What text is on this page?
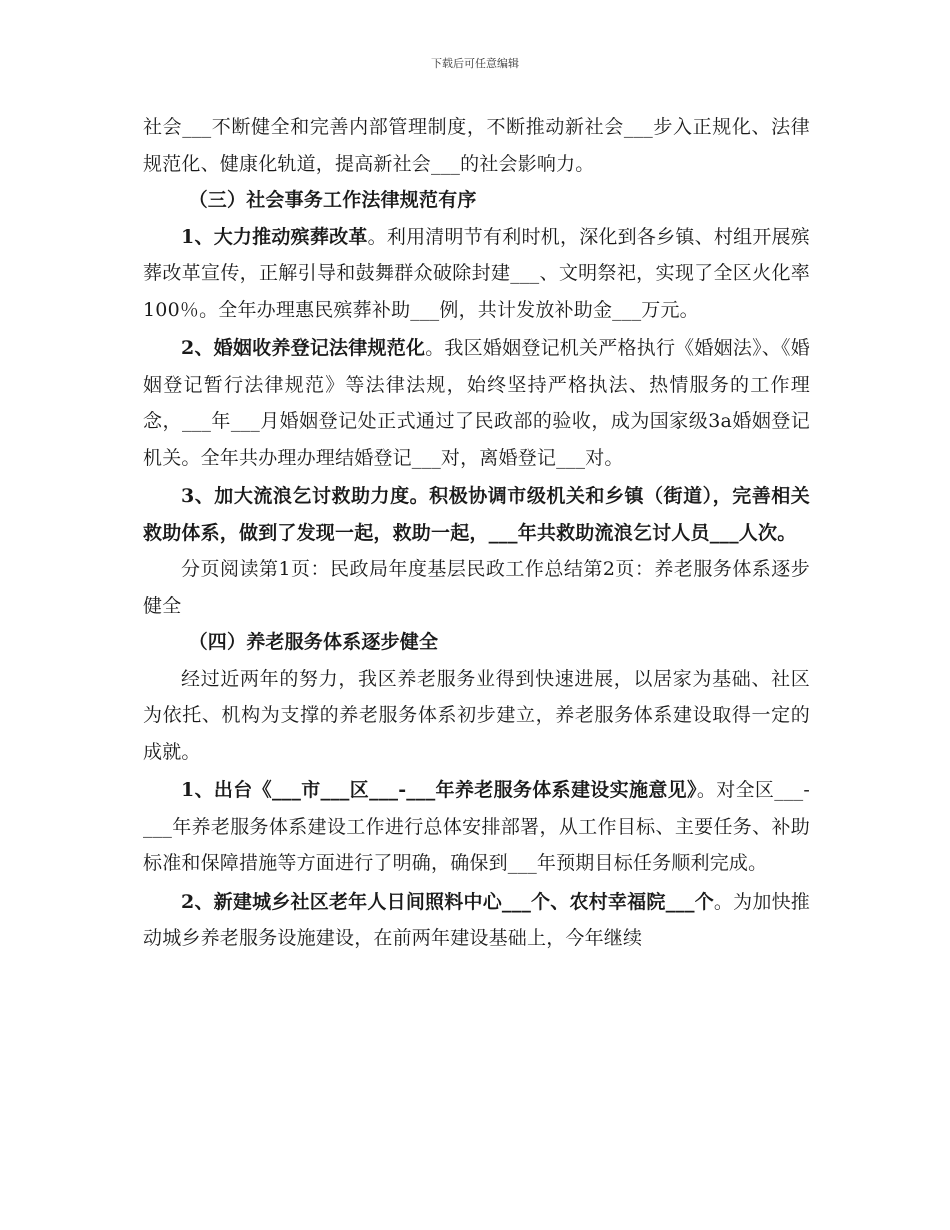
下载后可任意编辑

社会___不断健全和完善内部管理制度，不断推动新社会___步入正规化、法律规范化、健康化轨道，提高新社会___的社会影响力。

（三）社会事务工作法律规范有序

1、大力推动殡葬改革。利用清明节有利时机，深化到各乡镇、村组开展殡葬改革宣传，正解引导和鼓舞群众破除封建___、文明祭祀，实现了全区火化率100％。全年办理惠民殡葬补助___例，共计发放补助金___万元。

2、婚姻收养登记法律规范化。我区婚姻登记机关严格执行《婚姻法》、《婚姻登记暂行法律规范》等法律法规，始终坚持严格执法、热情服务的工作理念，___年___月婚姻登记处正式通过了民政部的验收，成为国家级3a婚姻登记机关。全年共办理办理结婚登记___对，离婚登记___对。

3、加大流浪乞讨救助力度。积极协调市级机关和乡镇（街道），完善相关救助体系，做到了发现一起，救助一起，___年共救助流浪乞讨人员___人次。

分页阅读第1页：民政局年度基层民政工作总结第2页：养老服务体系逐步健全

（四）养老服务体系逐步健全

经过近两年的努力，我区养老服务业得到快速进展，以居家为基础、社区为依托、机构为支撑的养老服务体系初步建立，养老服务体系建设取得一定的成就。

1、出台《___市___区___-___年养老服务体系建设实施意见》。对全区___-___年养老服务体系建设工作进行总体安排部署，从工作目标、主要任务、补助标准和保障措施等方面进行了明确，确保到___年预期目标任务顺利完成。

2、新建城乡社区老年人日间照料中心___个、农村幸福院___个。为加快推动城乡养老服务设施建设，在前两年建设基础上，今年继续
